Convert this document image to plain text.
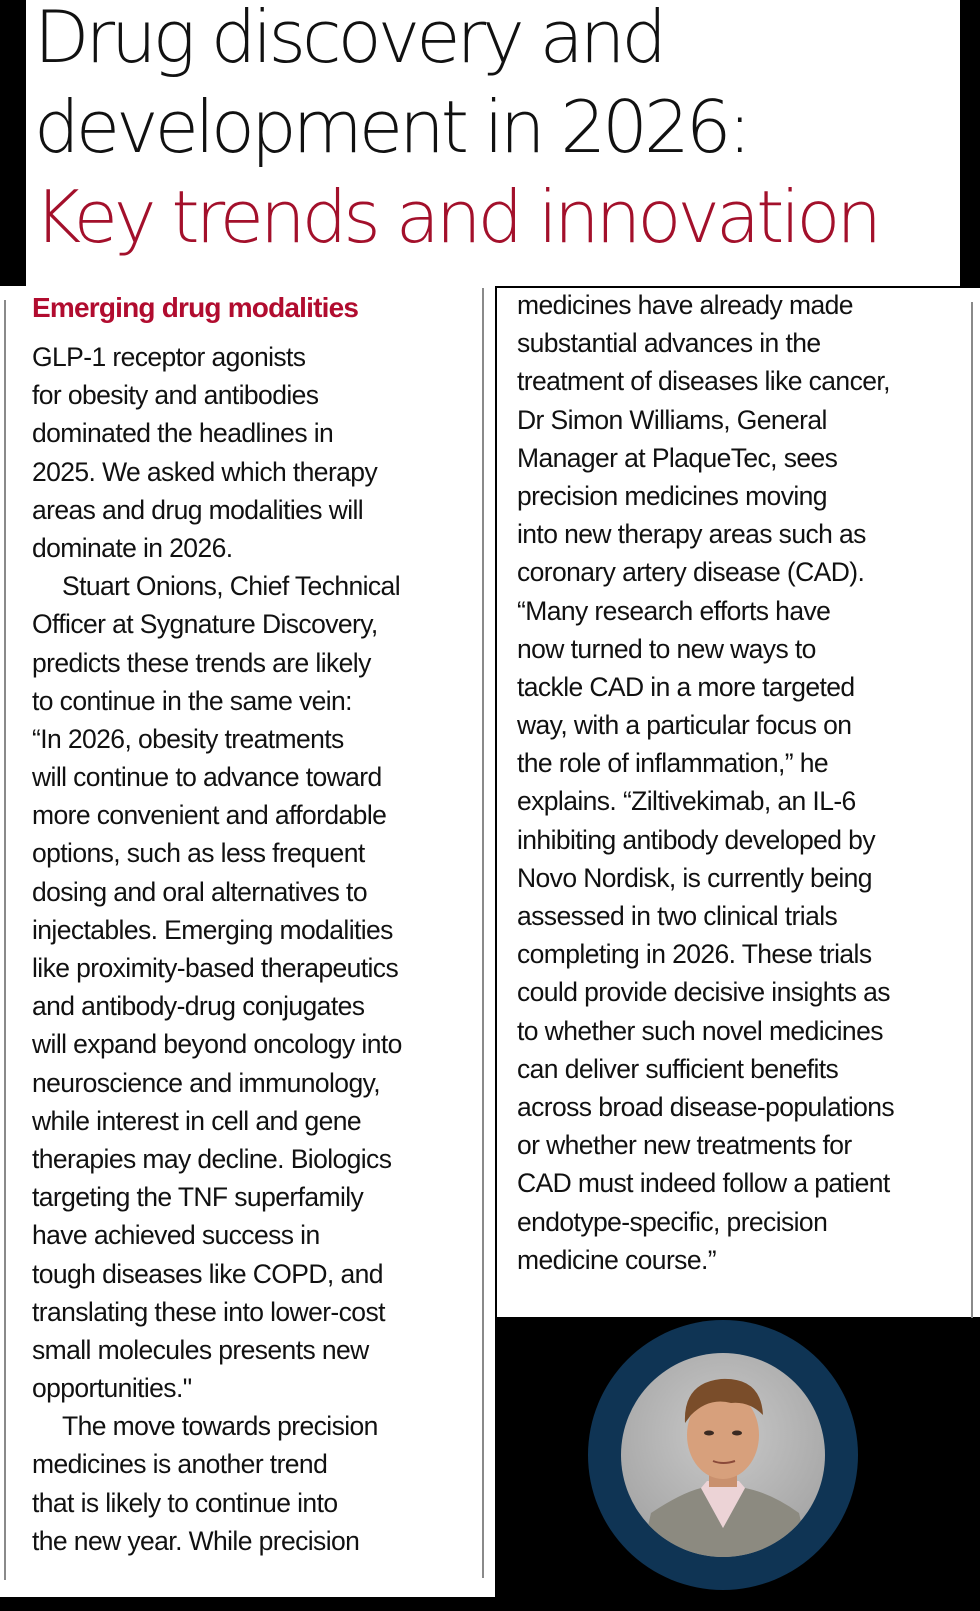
Drug discovery and
development in 2026:
Key trends and innovation
Emerging drug modalities
GLP-1 receptor agonists
for obesity and antibodies
dominated the headlines in
2025. We asked which therapy
areas and drug modalities will
dominate in 2026.
Stuart Onions, Chief Technical
Officer at Sygnature Discovery,
predicts these trends are likely
to continue in the same vein:
“In 2026, obesity treatments
will continue to advance toward
more convenient and affordable
options, such as less frequent
dosing and oral alternatives to
injectables. Emerging modalities
like proximity-based therapeutics
and antibody-drug conjugates
will expand beyond oncology into
neuroscience and immunology,
while interest in cell and gene
therapies may decline. Biologics
targeting the TNF superfamily
have achieved success in
tough diseases like COPD, and
translating these into lower-cost
small molecules presents new
opportunities."
The move towards precision
medicines is another trend
that is likely to continue into
the new year. While precision
medicines have already made
substantial advances in the
treatment of diseases like cancer,
Dr Simon Williams, General
Manager at PlaqueTec, sees
precision medicines moving
into new therapy areas such as
coronary artery disease (CAD).
“Many research efforts have
now turned to new ways to
tackle CAD in a more targeted
way, with a particular focus on
the role of inflammation,” he
explains. “Ziltivekimab, an IL-6
inhibiting antibody developed by
Novo Nordisk, is currently being
assessed in two clinical trials
completing in 2026. These trials
could provide decisive insights as
to whether such novel medicines
can deliver sufficient benefits
across broad disease-populations
or whether new treatments for
CAD must indeed follow a patient
endotype-specific, precision
medicine course.”
